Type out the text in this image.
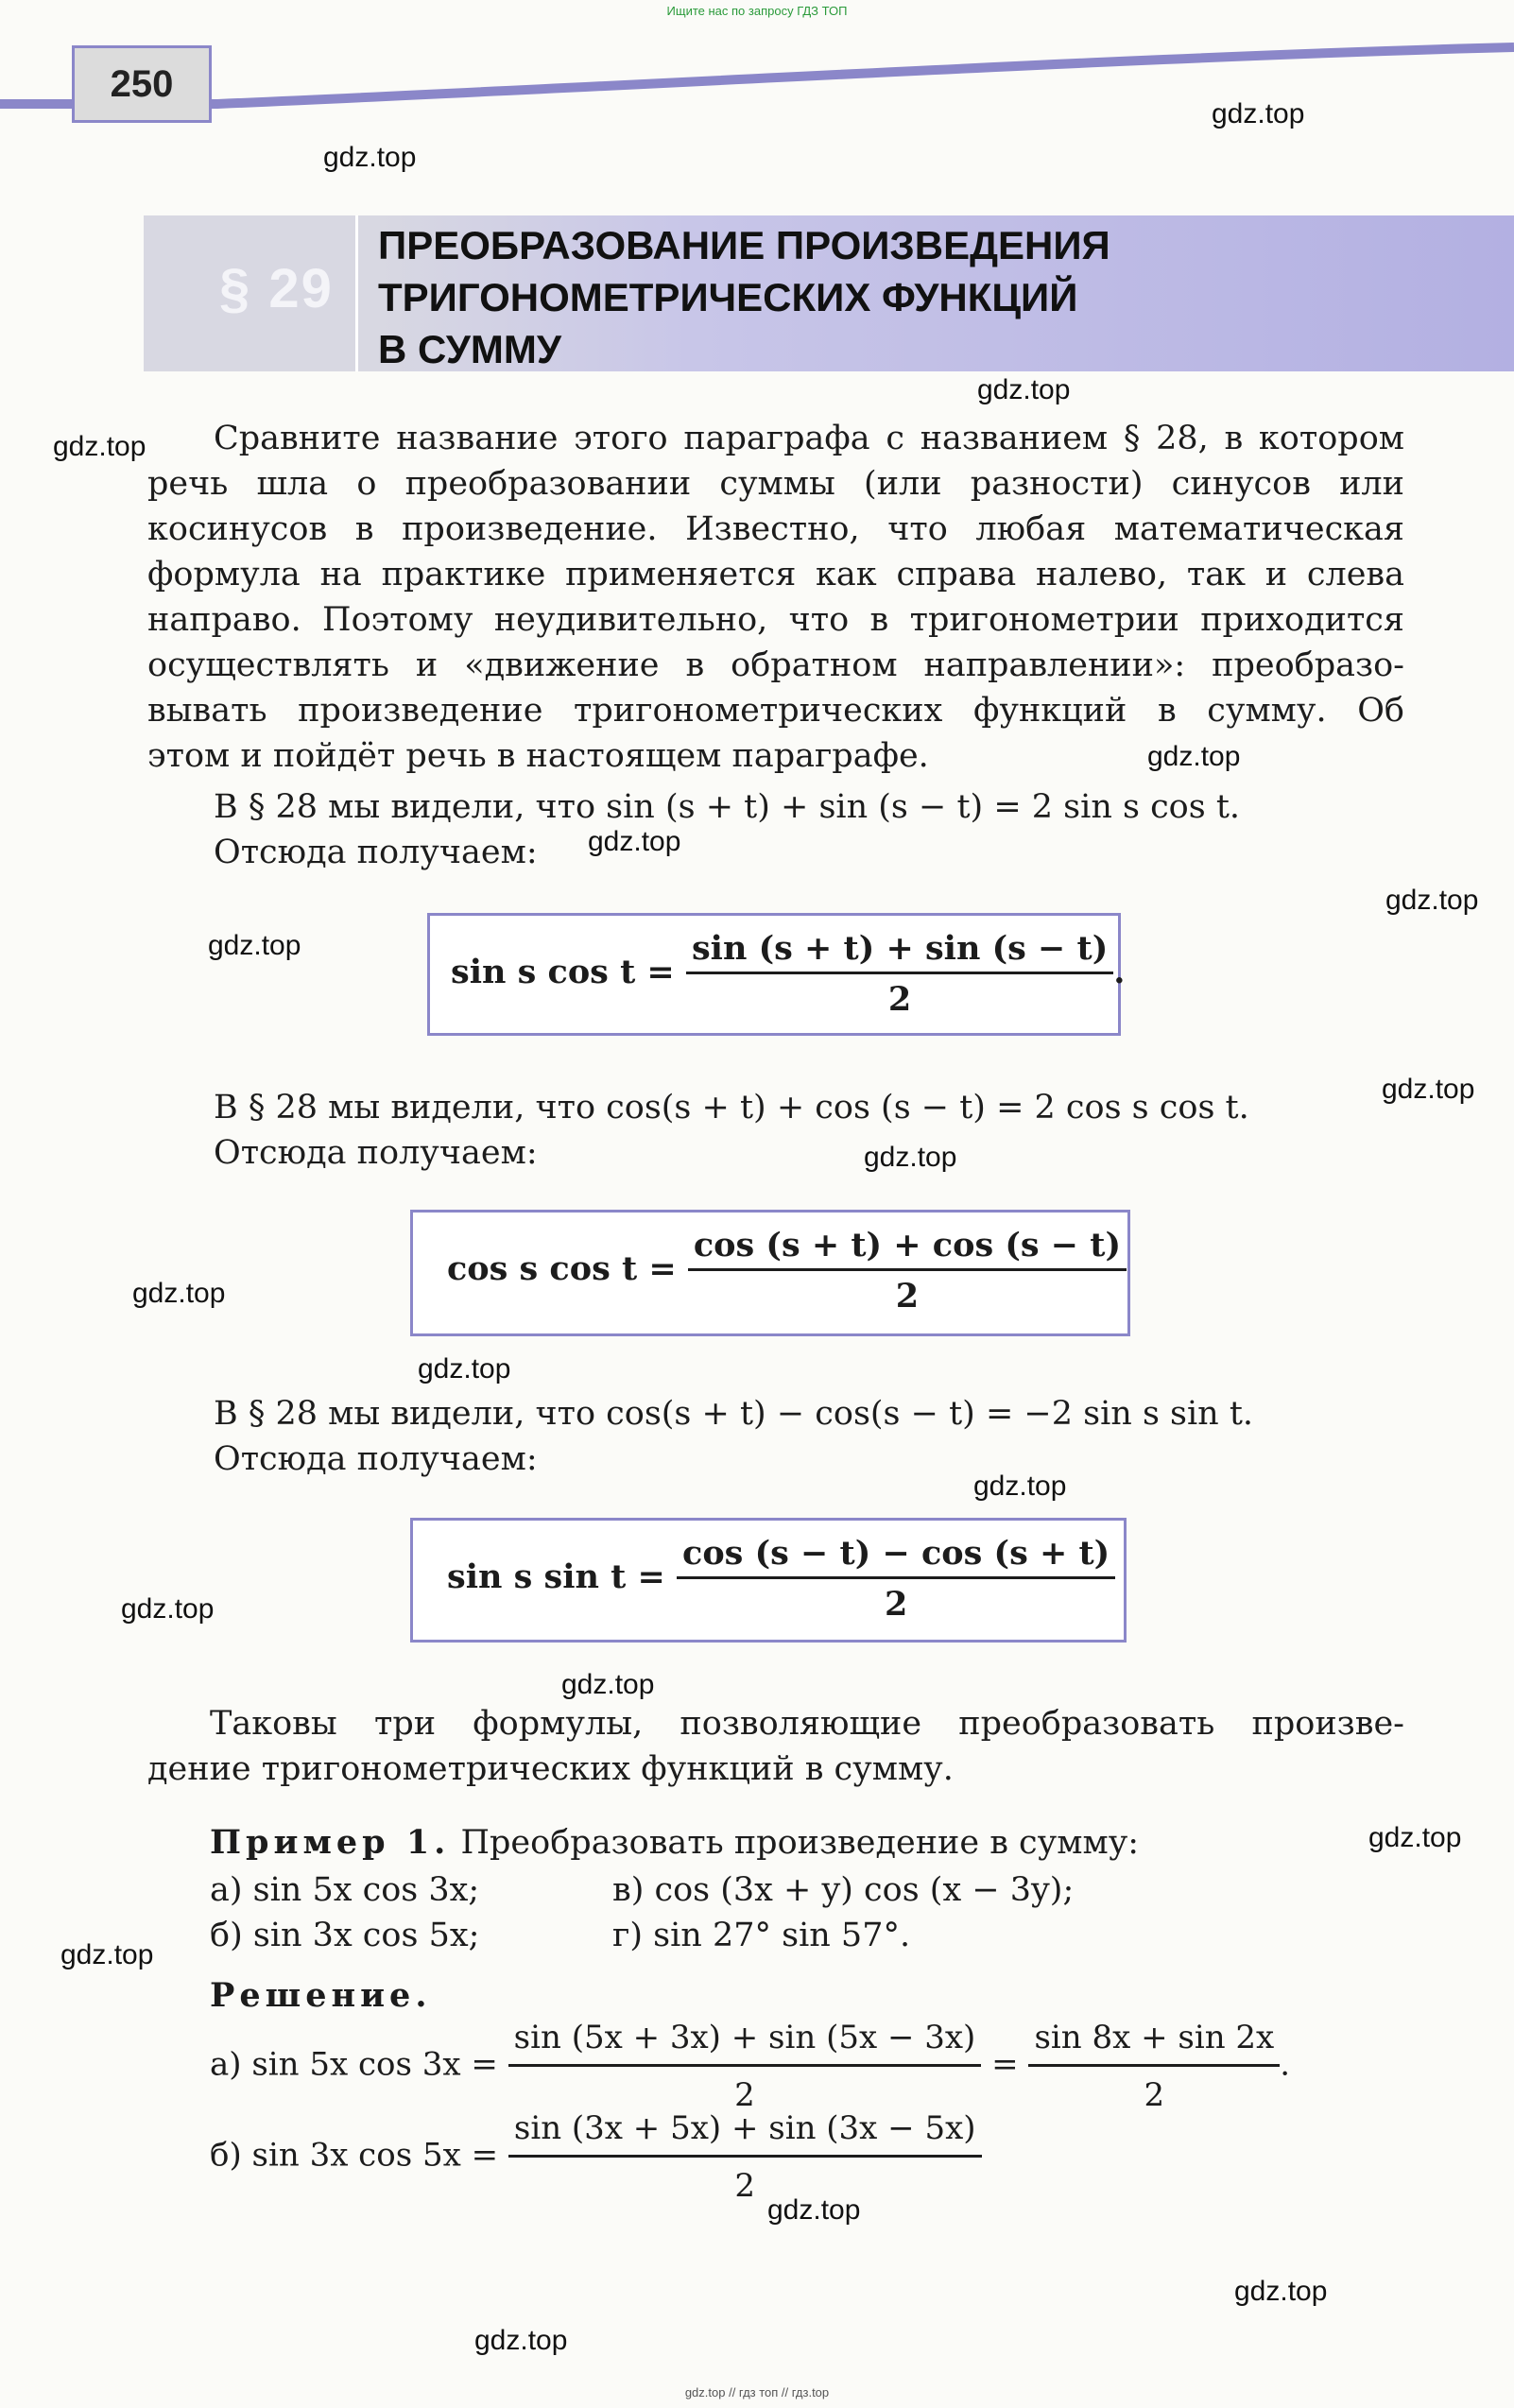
Ищите нас по запросу ГДЗ ТОП
gdz.top // гдз топ // гдз.top
250
gdz.top
gdz.top
gdz.top
gdz.top
gdz.top
gdz.top
gdz.top
gdz.top
gdz.top
gdz.top
gdz.top
gdz.top
gdz.top
gdz.top
gdz.top
gdz.top
gdz.top
gdz.top
gdz.top
gdz.top
§ 29
ПРЕОБРАЗОВАНИЕ ПРОИЗВЕДЕНИЯ
ТРИГОНОМЕТРИЧЕСКИХ ФУНКЦИЙ
В СУММУ
Сравните название этого параграфа с названием § 28, в котором
речь шла о преобразовании суммы (или разности) синусов или
косинусов в произведение. Известно, что любая математическая
формула на практике применяется как справа налево, так и слева
направо. Поэтому неудивительно, что в тригонометрии приходится
осуществлять и «движение в обратном направлении»: преобразо-
вывать произведение тригонометрических функций в сумму. Об
этом и пойдёт речь в настоящем параграфе.
В § 28 мы видели, что sin (s + t) + sin (s − t) = 2 sin s cos t.
Отсюда получаем:
sin s $\cos t = \frac{\sin (s + t) + \sin (s - t)}{2}$ .
В § 28 мы видели, что cos(s + t) + cos (s − t) = 2 cos s cos t.
Отсюда получаем:
cos s $\cos t = \frac{\cos (s + t) + \cos (s - t)}{2}$
В § 28 мы видели, что cos(s + t) − cos(s − t) = −2 sin s sin t.
Отсюда получаем:
sin s $\sin t = \frac{\cos (s - t) - \cos (s + t)}{2}$
Таковы три формулы, позволяющие преобразовать произве-
дение тригонометрических функций в сумму.
Пример 1. Преобразовать произведение в сумму:
а) sin 5x cos 3x;	в) cos (3x + y) cos (x − 3y);
б) sin 3x cos 5x;	г) sin 27° sin 57°.
Решение.
а) sin 5x $\cos 3x = \frac{\sin (5x + 3x) + \sin (5x - 3x)}{2} = \frac{\sin 8x + \sin 2x}{2}$ .
б) sin 3x $\cos 5x = \frac{\sin (3x + 5x) + \sin (3x - 5x)}{2}$
